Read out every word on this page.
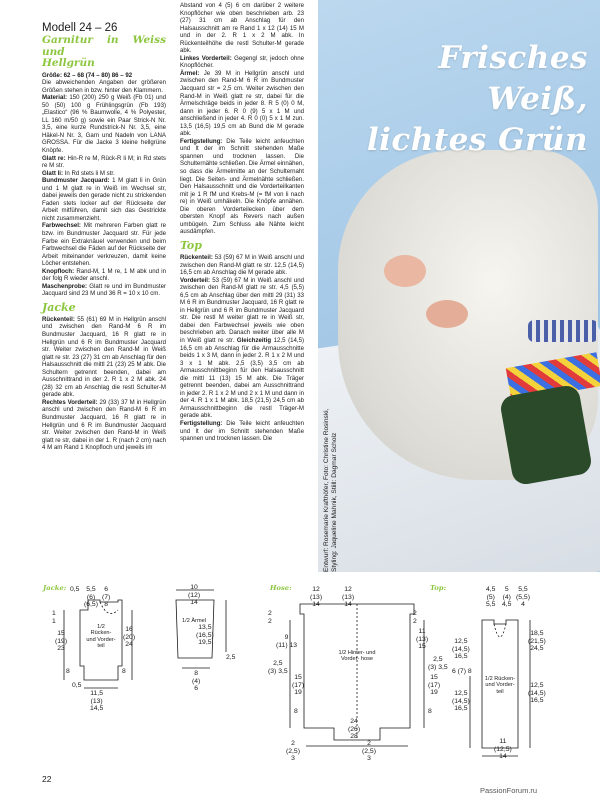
Modell 24 – 26

Garnitur in Weiss und
Hellgrün

Größe: 62 – 68 (74 – 80) 86 – 92

Die abweichenden Angaben der größeren Größen stehen in bzw. hinter den Klammern.

Material: 150 (200) 250 g Weiß (Fb 01) und 50 (50) 100 g Frühlingsgrün (Fb 193) „Elastico“ (96 % Baumwolle, 4 % Polyester, LL 160 m/50 g) sowie ein Paar Strick-N Nr. 3,5, eine kurze Rundstrick-N Nr. 3,5, eine Häkel-N Nr. 3, Garn und Nadeln von LANA GROSSA. Für die Jacke 3 kleine hellgrüne Knöpfe.

Glatt re: Hin-R re M, Rück-R li M; in Rd stets re M str.

Glatt li: In Rd stets li M str.

Bundmuster Jacquard: 1 M glatt li in Grün und 1 M glatt re in Weiß im Wechsel str, dabei jeweils den gerade nicht zu strickenden Faden stets locker auf der Rückseite der Arbeit mitführen, damit sich das Gestrickte nicht zusammenzieht.

Farbwechsel: Mit mehreren Farben glatt re bzw. im Bundmuster Jacquard str. Für jede Farbe ein Extraknäuel verwenden und beim Farbwechsel die Fäden auf der Rückseite der Arbeit miteinander verkreuzen, damit keine Löcher entstehen.

Knopfloch: Rand-M, 1 M re, 1 M abk und in der folg R wieder anschl.

Maschenprobe: Glatt re und im Bundmuster Jacquard sind 23 M und 36 R = 10 x 10 cm.

Jacke

Rückenteil: 55 (61) 69 M in Hellgrün anschl und zwischen den Rand-M 6 R im Bundmuster Jacquard, 16 R glatt re in Hellgrün und 6 R im Bundmuster Jacquard str. Weiter zwischen den Rand-M in Weiß glatt re str. 23 (27) 31 cm ab Anschlag für den Halsausschnitt die mittl 21 (23) 25 M abk. Die Schultern getrennt beenden, dabei am Ausschnittrand in der 2. R 1 x 2 M abk. 24 (28) 32 cm ab Anschlag die restl Schulter-M gerade abk.

Rechtes Vorderteil: 29 (33) 37 M in Hellgrün anschl und zwischen den Rand-M 6 R im Bundmuster Jacquard, 16 R glatt re in Hellgrün und 6 R im Bundmuster Jacquard str. Weiter zwischen den Rand-M in Weiß glatt re str, dabei in der 1. R (nach 2 cm) nach 4 M am Rand 1 Knopfloch und jeweils im

Abstand von 4 (5) 6 cm darüber 2 weitere Knopflöcher wie oben beschrieben arb. 23 (27) 31 cm ab Anschlag für den Halsausschnitt am re Rand 1 x 12 (14) 15 M und in der 2. R 1 x 2 M abk. In Rückenteilhöhe die restl Schulter-M gerade abk.

Linkes Vorderteil: Gegengl str, jedoch ohne Knopflöcher.

Ärmel: Je 39 M in Hellgrün anschl und zwischen den Rand-M 6 R im Bundmuster Jacquard str = 2,5 cm. Weiter zwischen den Rand-M in Weiß glatt re str, dabei für die Ärmelschräge beids in jeder 8. R 5 (0) 0 M, dann in jeder 6. R 0 (9) 5 x 1 M und anschließend in jeder 4. R 0 (0) 5 x 1 M zun. 13,5 (16,5) 19,5 cm ab Bund die M gerade abk.

Fertigstellung: Die Teile leicht anfeuchten und lt der im Schnitt stehenden Maße spannen und trocknen lassen. Die Schulternähte schließen. Die Ärmel einnähen, so dass die Ärmelmitte an der Schulternaht liegt. Die Seiten- und Ärmelnähte schließen. Den Halsausschnitt und die Vorderteilkanten mit je 1 R fM und Krebs-M (= fM von li nach re) in Weiß umhäkeln. Die Knöpfe annähen. Die oberen Vorderteilecken über dem obersten Knopf als Revers nach außen umbügeln. Zum Schluss alle Nähte leicht ausdämpfen.

Top

Rückenteil: 53 (59) 67 M in Weiß anschl und zwischen den Rand-M glatt re str. 12,5 (14,5) 16,5 cm ab Anschlag die M gerade abk.

Vorderteil: 53 (59) 67 M in Weiß anschl und zwischen den Rand-M glatt re str. 4,5 (5,5) 6,5 cm ab Anschlag über den mittl 29 (31) 33 M 6 R im Bundmuster Jacquard, 16 R glatt re in Hellgrün und 6 R im Bundmuster Jacquard str. Die restl M weiter glatt re in Weiß str, dabei den Farbwechsel jeweils wie oben beschrieben arb. Danach weiter über alle M in Weiß glatt re str. Gleichzeitig 12,5 (14,5) 16,5 cm ab Anschlag für die Armausschnitte beids 1 x 3 M, dann in jeder 2. R 1 x 2 M und 3 x 1 M abk. 2,5 (3,5) 3,5 cm ab Armausschnittbeginn für den Halsausschnitt die mittl 11 (13) 15 M abk. Die Träger getrennt beenden, dabei am Ausschnittrand in jeder 2. R 1 x 2 M und 2 x 1 M und dann in der 4. R 1 x 1 M abk. 18,5 (21,5) 24,5 cm ab Armausschnittbeginn die restl Träger-M gerade abk.

Fertigstellung: Die Teile leicht anfeuchten und lt der im Schnitt stehenden Maße spannen und trocknen lassen. Die

Frisches Weiß,
lichtes Grün
Entwurf: Rosemarie Krafthöfer, Foto: Christine Rosinski,
Styling: Jaqueline Mahnik, Stiill: Dagmar Scholz
Jacke: 0,5	5,5
(6)
(6,5)
6
(7)
8
1
1
15
(19)
23
16
(20)
24
1/2 Rücken- und Vorder- teil
8	8
0,5
11,5
(13)
14,5
10
(12)
14
1/2 Ärmel
13,5
(16,5)
19,5
2,5
8
(4)
6
Hose:	12
(13)
14
12
(13)
14
2
2
9
(11) 13
2,5
(3) 3,5
15
(17)
19
8
2
2
11
(13)
15
2,5
(3) 3,5
15
(17)
19
8
1/2 Hinter- und Vorder- hose
24
(26)
28
2
(2,5)
3
2
(2,5)
3
Top:	4,5
(5)
5,5
5
(4)
4,5
5,5
(5,5)
4
18,5
(21,5)
24,5
12,5
(14,5)
16,5
12,5
(14,5)
16,5
6 (7) 8
12,5
(14,5)
16,5
1/2 Rücken- und Vorder- teil
11
(12,5)
14
22
PassionForum.ru
